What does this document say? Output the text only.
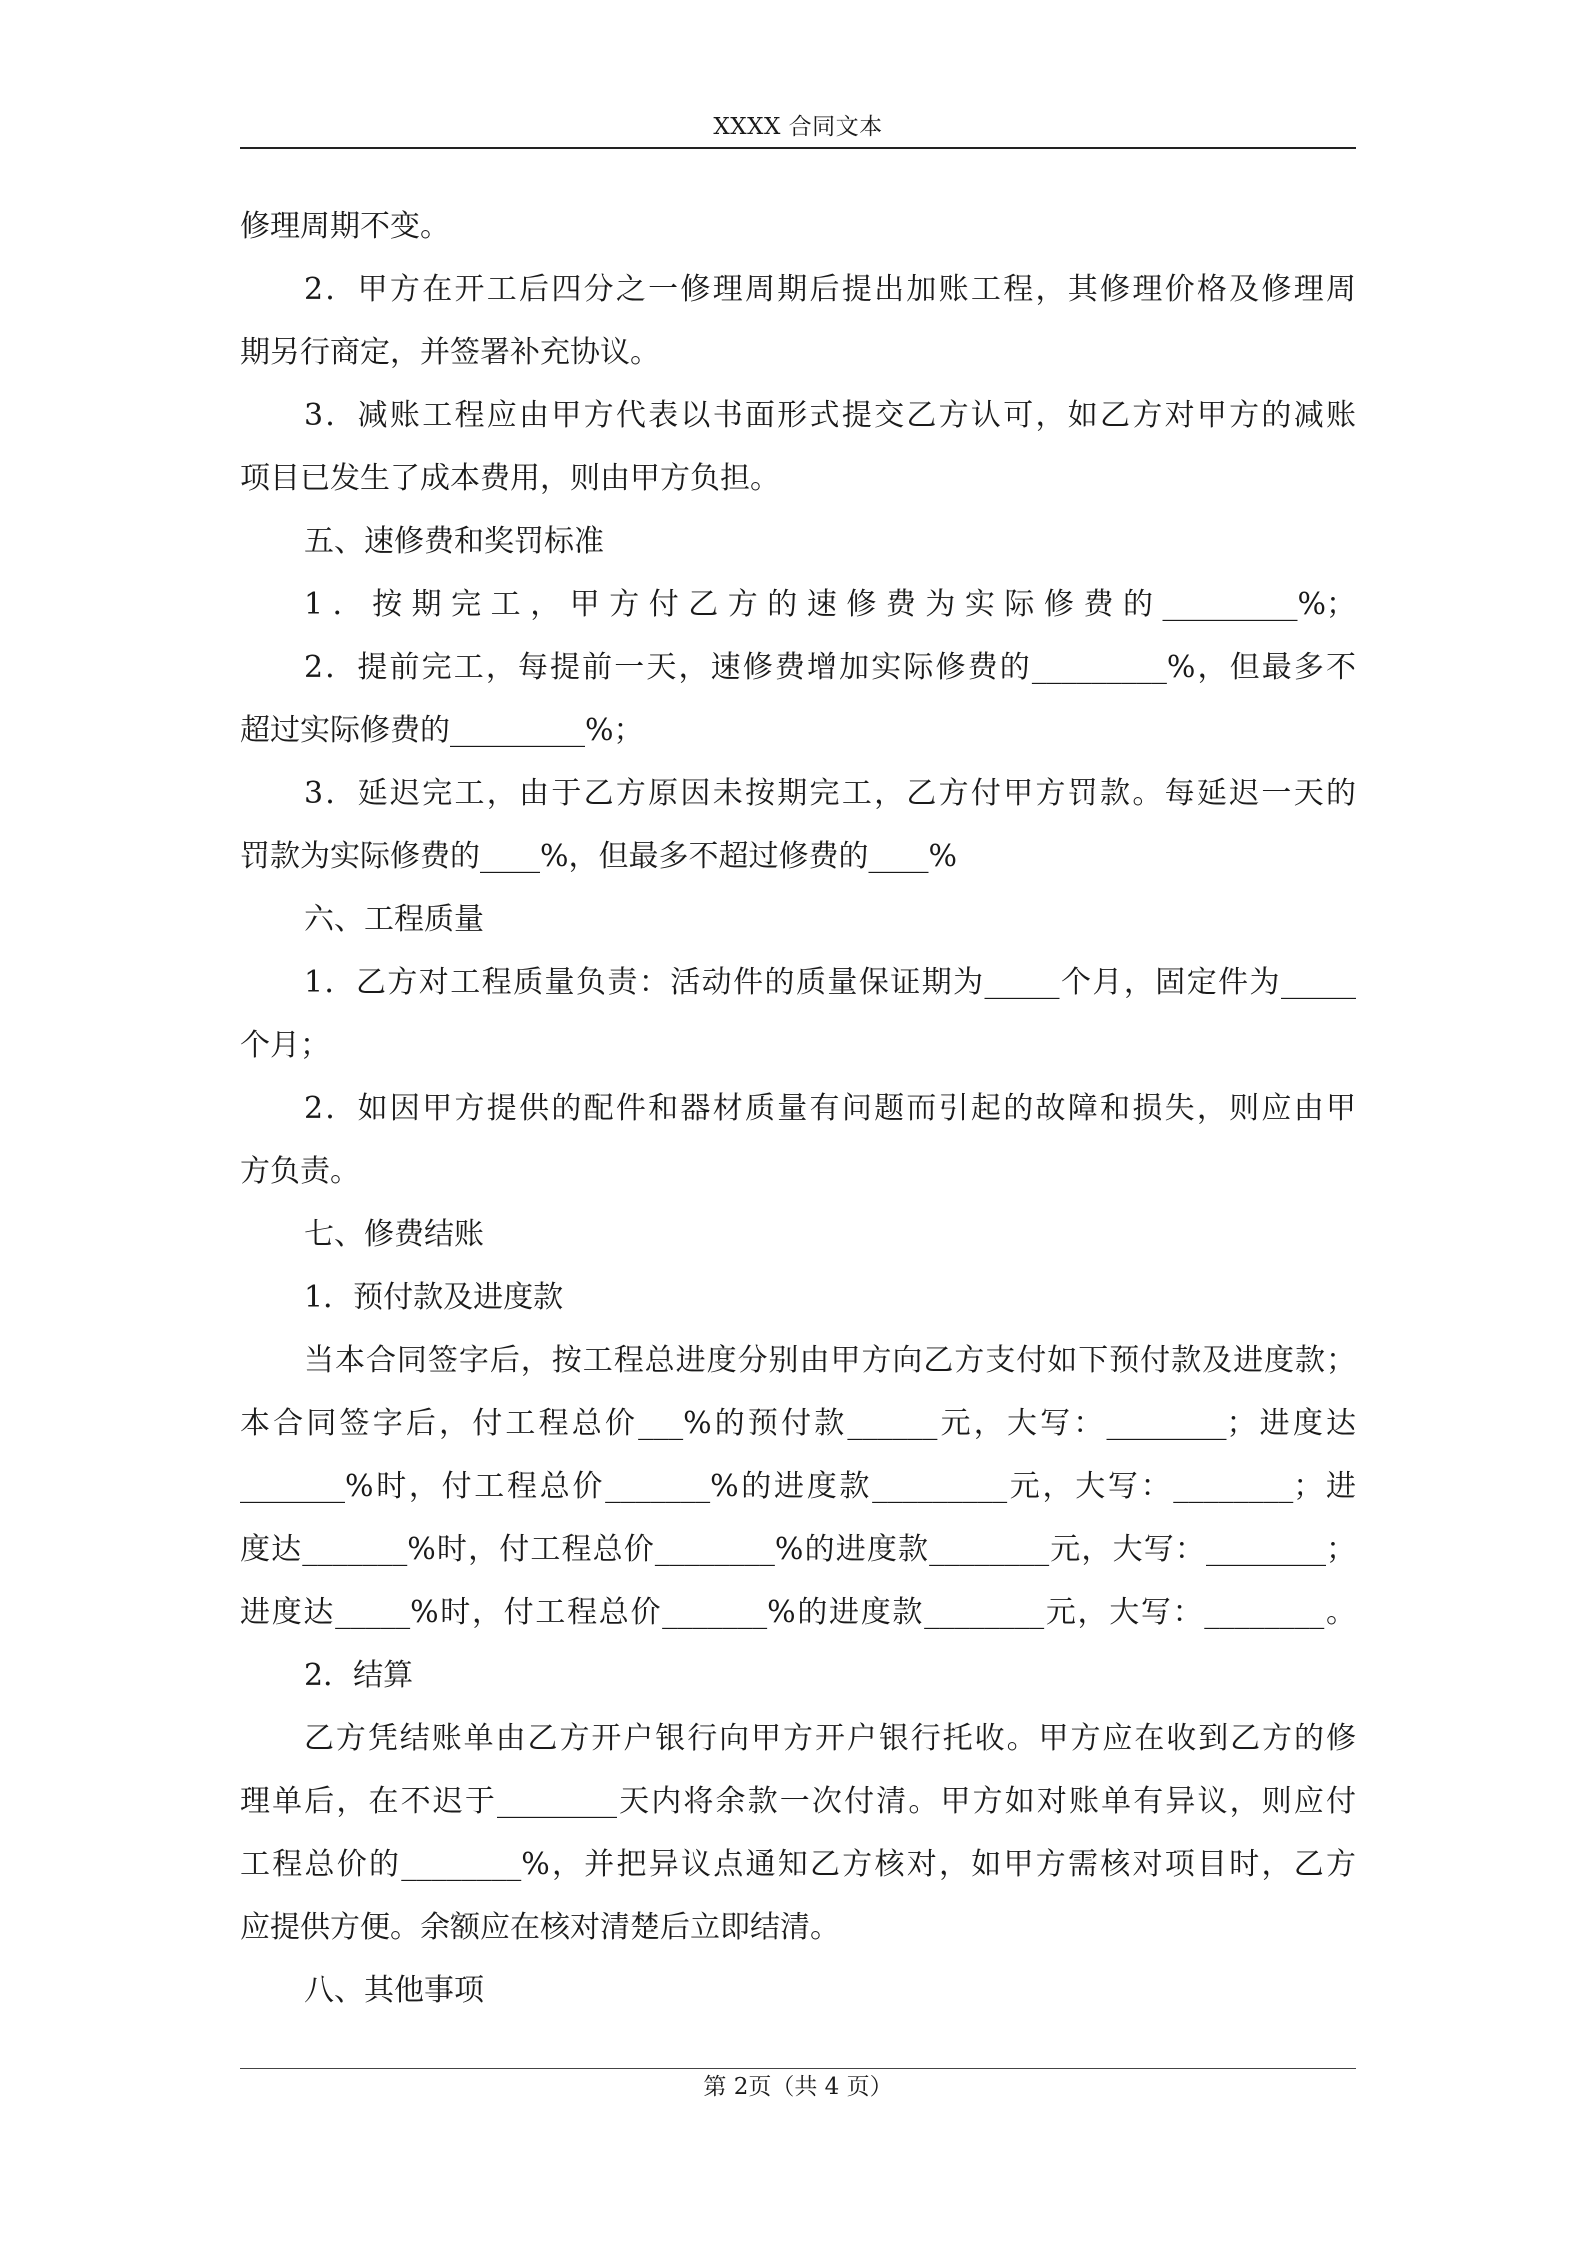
XXXX 合同文本
修理周期不变。
2．甲方在开工后四分之一修理周期后提出加账工程，其修理价格及修理周
期另行商定，并签署补充协议。
3．减账工程应由甲方代表以书面形式提交乙方认可，如乙方对甲方的减账
项目已发生了成本费用，则由甲方负担。
五、速修费和奖罚标准
1．按期完工，甲方付乙方的速修费为实际修费的_________%；
2．提前完工，每提前一天，速修费增加实际修费的_________%，但最多不
超过实际修费的_________%；
3．延迟完工，由于乙方原因未按期完工，乙方付甲方罚款。每延迟一天的
罚款为实际修费的____%，但最多不超过修费的____%
六、工程质量
1．乙方对工程质量负责：活动件的质量保证期为_____个月，固定件为_____
个月；
2．如因甲方提供的配件和器材质量有问题而引起的故障和损失，则应由甲
方负责。
七、修费结账
1．预付款及进度款
当本合同签字后，按工程总进度分别由甲方向乙方支付如下预付款及进度款；
本合同签字后，付工程总价___%的预付款______元，大写：________；进度达
_______%时，付工程总价_______%的进度款_________元，大写：________；进
度达_______%时，付工程总价________%的进度款________元，大写：________；
进度达_____%时，付工程总价_______%的进度款________元，大写：________。
2．结算
乙方凭结账单由乙方开户银行向甲方开户银行托收。甲方应在收到乙方的修
理单后，在不迟于________天内将余款一次付清。甲方如对账单有异议，则应付
工程总价的________%，并把异议点通知乙方核对，如甲方需核对项目时，乙方
应提供方便。余额应在核对清楚后立即结清。
八、其他事项
第 2页（共 4 页）
